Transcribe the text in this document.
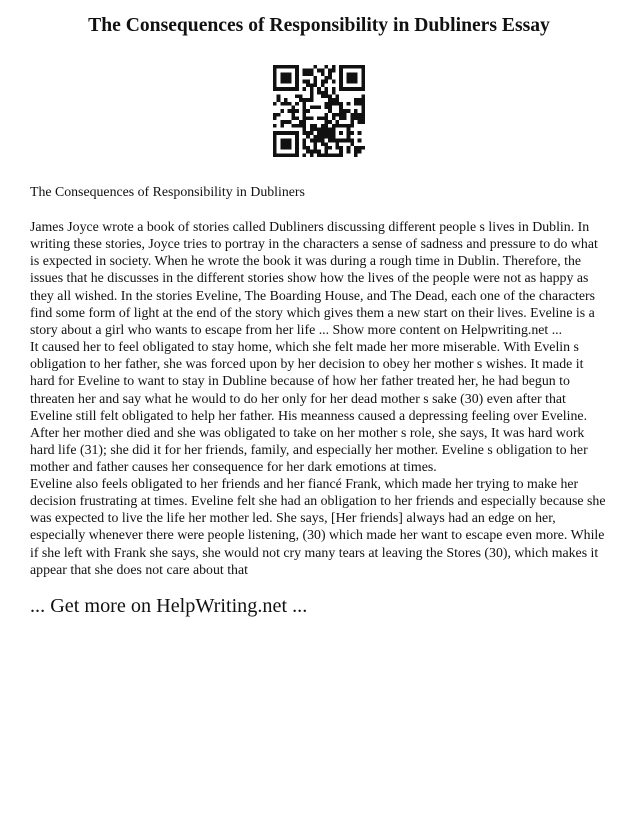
The Consequences of Responsibility in Dubliners Essay

The Consequences of Responsibility in Dubliners

James Joyce wrote a book of stories called Dubliners discussing different people s lives in Dublin. In writing these stories, Joyce tries to portray in the characters a sense of sadness and pressure to do what is expected in society. When he wrote the book it was during a rough time in Dublin. Therefore, the issues that he discusses in the different stories show how the lives of the people were not as happy as they all wished. In the stories Eveline, The Boarding House, and The Dead, each one of the characters find some form of light at the end of the story which gives them a new start on their lives. Eveline is a story about a girl who wants to escape from her life ... Show more content on Helpwriting.net ...
It caused her to feel obligated to stay home, which she felt made her more miserable. With Evelin s obligation to her father, she was forced upon by her decision to obey her mother s wishes. It made it hard for Eveline to want to stay in Dubline because of how her father treated her, he had begun to threaten her and say what he would to do her only for her dead mother s sake (30) even after that Eveline still felt obligated to help her father. His meanness caused a depressing feeling over Eveline. After her mother died and she was obligated to take on her mother s role, she says, It was hard work hard life (31); she did it for her friends, family, and especially her mother. Eveline s obligation to her mother and father causes her consequence for her dark emotions at times.

Eveline also feels obligated to her friends and her fiancé Frank, which made her trying to make her decision frustrating at times. Eveline felt she had an obligation to her friends and especially because she was expected to live the life her mother led. She says, [Her friends] always had an edge on her, especially whenever there were people listening, (30) which made her want to escape even more. While if she left with Frank she says, she would not cry many tears at leaving the Stores (30), which makes it appear that she does not care about that

... Get more on HelpWriting.net ...
